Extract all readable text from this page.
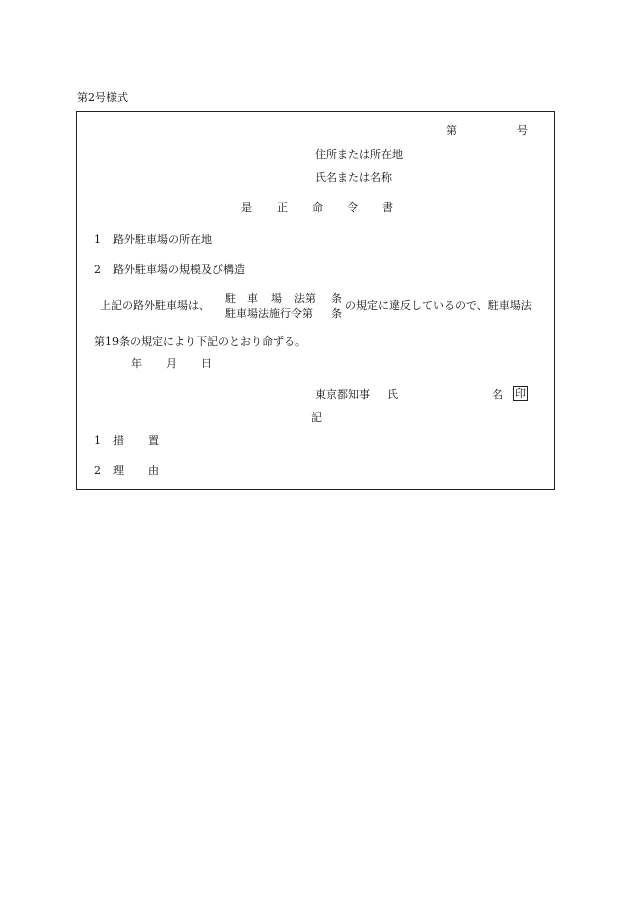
第2号様式
第	号
住所または所在地
氏名または名称
是 正 命 令 書
1 路外駐車場の所在地
2 路外駐車場の規模及び構造
上記の路外駐車場は、
駐 車 場 法第 条
駐車場法施行令第 条
の規定に違反しているので、駐車場法
第19条の規定により下記のとおり命ずる。
年 月 日
東京都知事 氏	名 印
記
1 措 置
2 理 由
